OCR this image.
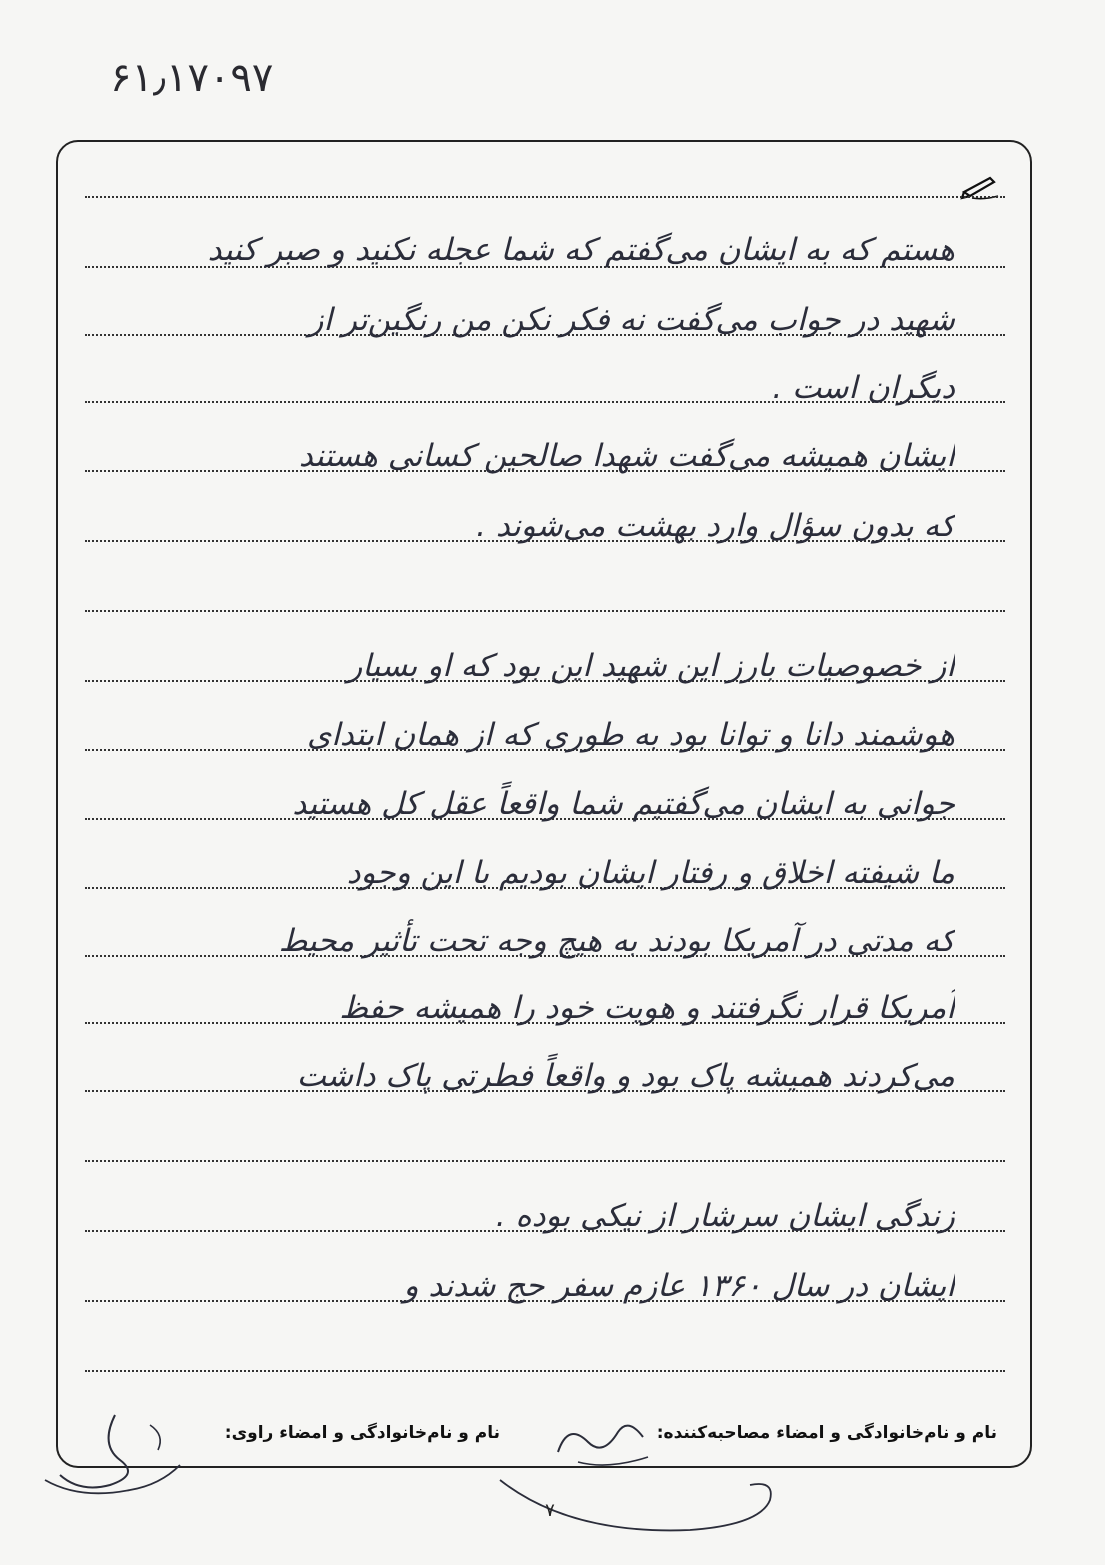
۶۱٫۱۷۰۹۷
هستم که به ایشان می‌گفتم که شما عجله نکنید و صبر کنید
شهید در جواب می‌گفت نه فکر نکن من رنگین‌تر از
دیگران است .
ایشان همیشه می‌گفت شهدا صالحین کسانی هستند
که بدون سؤال وارد بهشت می‌شوند .
از خصوصیات بارز این شهید این بود که او بسیار
هوشمند دانا و توانا بود به طوری که از همان ابتدای
جوانی به ایشان می‌گفتیم شما واقعاً عقل کل هستید
ما شیفته اخلاق و رفتار ایشان بودیم با این وجود
که مدتی در آمریکا بودند به هیچ وجه تحت تأثیر محیط
آمریکا قرار نگرفتند و هویت خود را همیشه حفظ
می‌کردند همیشه پاک بود و واقعاً فطرتی پاک داشت
زندگی ایشان سرشار از نیکی بوده .
ایشان در سال ۱۳۶۰ عازم سفر حج شدند و
نام و نام‌خانوادگی و امضاء مصاحبه‌کننده:
نام و نام‌خانوادگی و امضاء راوی:
۷
